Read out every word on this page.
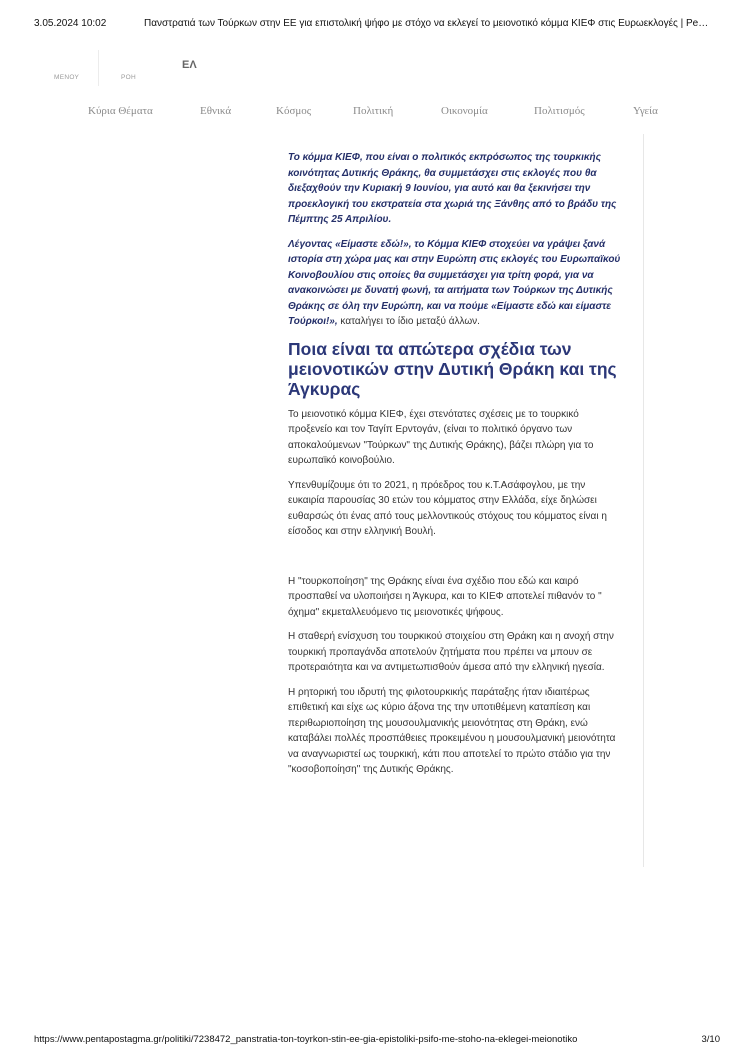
3.05.2024 10:02	Πανστρατιά των Τούρκων στην ΕΕ για επιστολική ψήφο με στόχο να εκλεγεί το μειονοτικό κόμμα ΚΙΕΦ στις Ευρωεκλογές | Pe…
ΜΕΝΟΥ	ΡΟΗ
ΕΛ
Κύρια Θέματα	Εθνικά	Κόσμος	Πολιτική	Οικονομία	Πολιτισμός	Υγεία

Το κόμμα ΚΙΕΦ, που είναι ο πολιτικός εκπρόσωπος της τουρκικής κοινότητας Δυτικής Θράκης, θα συμμετάσχει στις εκλογές που θα διεξαχθούν την Κυριακή 9 Ιουνίου, για αυτό και θα ξεκινήσει την προεκλογική του εκστρατεία στα χωριά της Ξάνθης από το βράδυ της Πέμπτης 25 Απριλίου.

Λέγοντας «Είμαστε εδώ!», το Κόμμα ΚΙΕΦ στοχεύει να γράψει ξανά ιστορία στη χώρα μας και στην Ευρώπη στις εκλογές του Ευρωπαϊκού Κοινοβουλίου στις οποίες θα συμμετάσχει για τρίτη φορά, για να ανακοινώσει με δυνατή φωνή, τα αιτήματα των Τούρκων της Δυτικής Θράκης σε όλη την Ευρώπη, και να πούμε «Είμαστε εδώ και είμαστε Τούρκοι!», καταλήγει το ίδιο μεταξύ άλλων.

Ποια είναι τα απώτερα σχέδια των μειονοτικών στην Δυτική Θράκη και της Άγκυρας

Το μειονοτικό κόμμα ΚΙΕΦ, έχει στενότατες σχέσεις με το τουρκικό προξενείο και τον Ταγίπ Ερντογάν, (είναι το πολιτικό όργανο των αποκαλούμενων "Τούρκων" της Δυτικής Θράκης), βάζει πλώρη για το ευρωπαϊκό κοινοβούλιο.

Υπενθυμίζουμε ότι το 2021, η πρόεδρος του κ.Τ.Ασάφογλου, με την ευκαιρία παρουσίας 30 ετών του κόμματος στην Ελλάδα, είχε δηλώσει ευθαρσώς ότι ένας από τους μελλοντικούς στόχους του κόμματος είναι η είσοδος και στην ελληνική Βουλή.

Η "τουρκοποίηση" της Θράκης είναι ένα σχέδιο που εδώ και καιρό προσπαθεί να υλοποιήσει η Άγκυρα, και το ΚΙΕΦ αποτελεί πιθανόν το " όχημα" εκμεταλλευόμενο τις μειονοτικές ψήφους.

Η σταθερή ενίσχυση του τουρκικού στοιχείου στη Θράκη και η ανοχή στην τουρκική προπαγάνδα αποτελούν ζητήματα που πρέπει να μπουν σε προτεραιότητα και να αντιμετωπισθούν άμεσα από την ελληνική ηγεσία.

Η ρητορική του ιδρυτή της φιλοτουρκικής παράταξης ήταν ιδιαιτέρως επιθετική και είχε ως κύριο άξονα της την υποτιθέμενη καταπίεση και περιθωριοποίηση της μουσουλμανικής μειονότητας στη Θράκη, ενώ καταβάλει πολλές προσπάθειες προκειμένου η μουσουλμανική μειονότητα να αναγνωριστεί ως τουρκική, κάτι που αποτελεί το πρώτο στάδιο για την "κοσοβοποίηση" της Δυτικής Θράκης.

https://www.pentapostagma.gr/politiki/7238472_panstratia-ton-toyrkon-stin-ee-gia-epistoliki-psifo-me-stoho-na-eklegei-meionotiko	3/10
